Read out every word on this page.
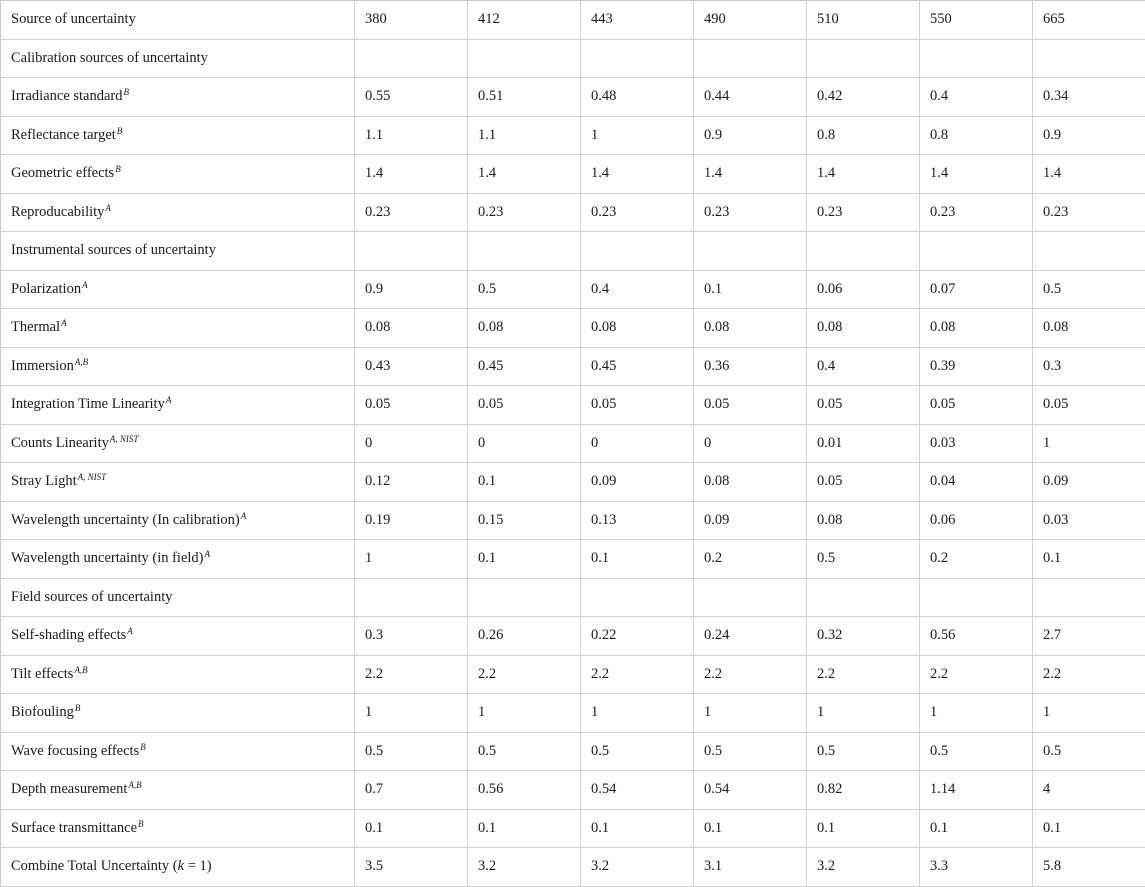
Source of uncertainty	380	412	443	490	510	550	665
Calibration sources of uncertainty							
Irradiance standard$^B$	0.55	0.51	0.48	0.44	0.42	0.4	0.34
Reflectance target$^B$	1.1	1.1	1	0.9	0.8	0.8	0.9
Geometric effects$^B$	1.4	1.4	1.4	1.4	1.4	1.4	1.4
Reproducability$^A$	0.23	0.23	0.23	0.23	0.23	0.23	0.23
Instrumental sources of uncertainty							
Polarization$^A$	0.9	0.5	0.4	0.1	0.06	0.07	0.5
Thermal$^A$	0.08	0.08	0.08	0.08	0.08	0.08	0.08
Immersion$^{A,B}$	0.43	0.45	0.45	0.36	0.4	0.39	0.3
Integration Time Linearity$^A$	0.05	0.05	0.05	0.05	0.05	0.05	0.05
Counts Linearity$^{A, NIST}$	0	0	0	0	0.01	0.03	1
Stray Light$^{A, NIST}$	0.12	0.1	0.09	0.08	0.05	0.04	0.09
Wavelength uncertainty (In calibration)$^A$	0.19	0.15	0.13	0.09	0.08	0.06	0.03
Wavelength uncertainty (in field)$^A$	1	0.1	0.1	0.2	0.5	0.2	0.1
Field sources of uncertainty							
Self-shading effects$^A$	0.3	0.26	0.22	0.24	0.32	0.56	2.7
Tilt effects$^{A,B}$	2.2	2.2	2.2	2.2	2.2	2.2	2.2
Biofouling$^B$	1	1	1	1	1	1	1
Wave focusing effects$^B$	0.5	0.5	0.5	0.5	0.5	0.5	0.5
Depth measurement$^{A,B}$	0.7	0.56	0.54	0.54	0.82	1.14	4
Surface transmittance$^B$	0.1	0.1	0.1	0.1	0.1	0.1	0.1
Combine Total Uncertainty (k = 1)	3.5	3.2	3.2	3.1	3.2	3.3	5.8
